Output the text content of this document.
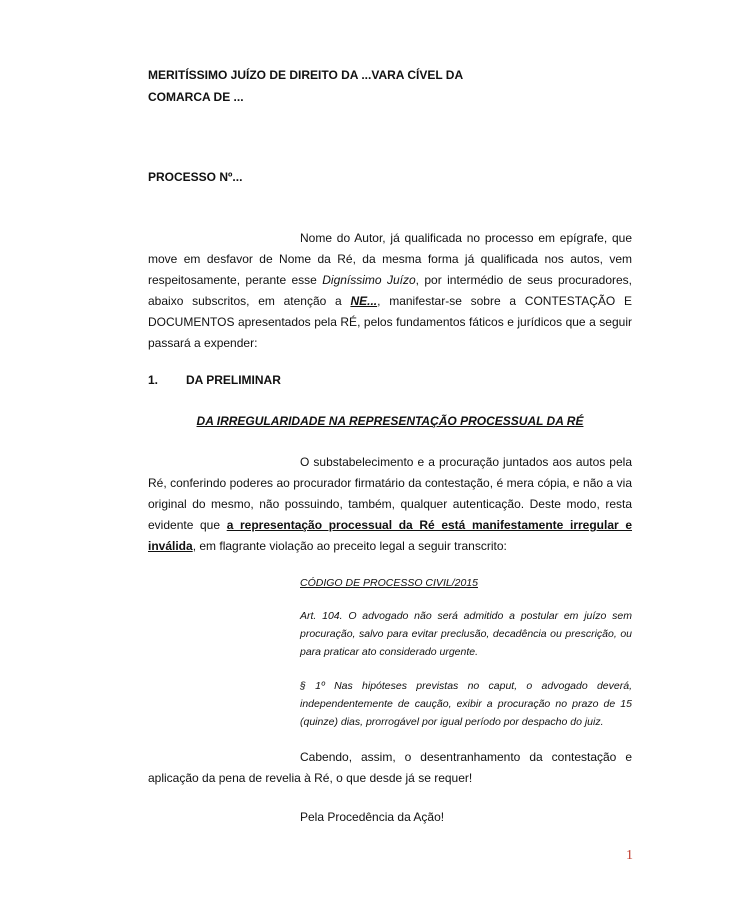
MERITÍSSIMO JUÍZO DE DIREITO DA ...VARA CÍVEL DA
COMARCA DE ...
PROCESSO Nº...
Nome do Autor, já qualificada no processo em epígrafe, que
move em desfavor de Nome da Ré, da mesma forma já qualificada nos autos, vem
respeitosamente, perante esse Digníssimo Juízo, por intermédio de seus procuradores,
abaixo subscritos, em atenção a NE..., manifestar-se sobre a CONTESTAÇÃO E
DOCUMENTOS apresentados pela RÉ, pelos fundamentos fáticos e jurídicos que a seguir
passará a expender:
1. DA PRELIMINAR
DA IRREGULARIDADE NA REPRESENTAÇÃO PROCESSUAL DA RÉ
O substabelecimento e a procuração juntados aos autos pela
Ré, conferindo poderes ao procurador firmatário da contestação, é mera cópia, e não a via
original do mesmo, não possuindo, também, qualquer autenticação. Deste modo, resta
evidente que a representação processual da Ré está manifestamente irregular e
inválida, em flagrante violação ao preceito legal a seguir transcrito:
CÓDIGO DE PROCESSO CIVIL/2015
Art. 104. O advogado não será admitido a postular em juízo sem
procuração, salvo para evitar preclusão, decadência ou prescrição, ou
para praticar ato considerado urgente.
§ 1º Nas hipóteses previstas no caput, o advogado deverá,
independentemente de caução, exibir a procuração no prazo de 15
(quinze) dias, prorrogável por igual período por despacho do juiz.
Cabendo, assim, o desentranhamento da contestação e
aplicação da pena de revelia à Ré, o que desde já se requer!
Pela Procedência da Ação!
1
